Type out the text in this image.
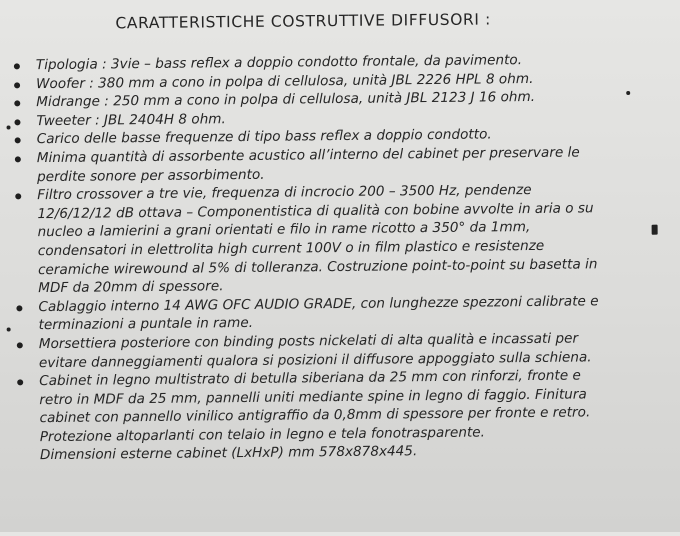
CARATTERISTICHE COSTRUTTIVE DIFFUSORI :
Tipologia : 3vie – bass reflex a doppio condotto frontale, da pavimento.
Woofer : 380 mm a cono in polpa di cellulosa, unità JBL 2226 HPL 8 ohm.
Midrange : 250 mm a cono in polpa di cellulosa, unità JBL 2123 J 16 ohm.
Tweeter : JBL 2404H 8 ohm.
Carico delle basse frequenze di tipo bass reflex a doppio condotto.
Minima quantità di assorbente acustico all’interno del cabinet per preservare le
perdite sonore per assorbimento.
Filtro crossover a tre vie, frequenza di incrocio 200 – 3500 Hz, pendenze
12/6/12/12 dB ottava – Componentistica di qualità con bobine avvolte in aria o su
nucleo a lamierini a grani orientati e filo in rame ricotto a 350° da 1mm,
condensatori in elettrolita high current 100V o in film plastico e resistenze
ceramiche wirewound al 5% di tolleranza. Costruzione point-to-point su basetta in
MDF da 20mm di spessore.
Cablaggio interno 14 AWG OFC AUDIO GRADE, con lunghezze spezzoni calibrate e
terminazioni a puntale in rame.
Morsettiera posteriore con binding posts nickelati di alta qualità e incassati per
evitare danneggiamenti qualora si posizioni il diffusore appoggiato sulla schiena.
Cabinet in legno multistrato di betulla siberiana da 25 mm con rinforzi, fronte e
retro in MDF da 25 mm, pannelli uniti mediante spine in legno di faggio. Finitura
cabinet con pannello vinilico antigraffio da 0,8mm di spessore per fronte e retro.
Protezione altoparlanti con telaio in legno e tela fonotrasparente.
Dimensioni esterne cabinet (LxHxP) mm 578x878x445.
